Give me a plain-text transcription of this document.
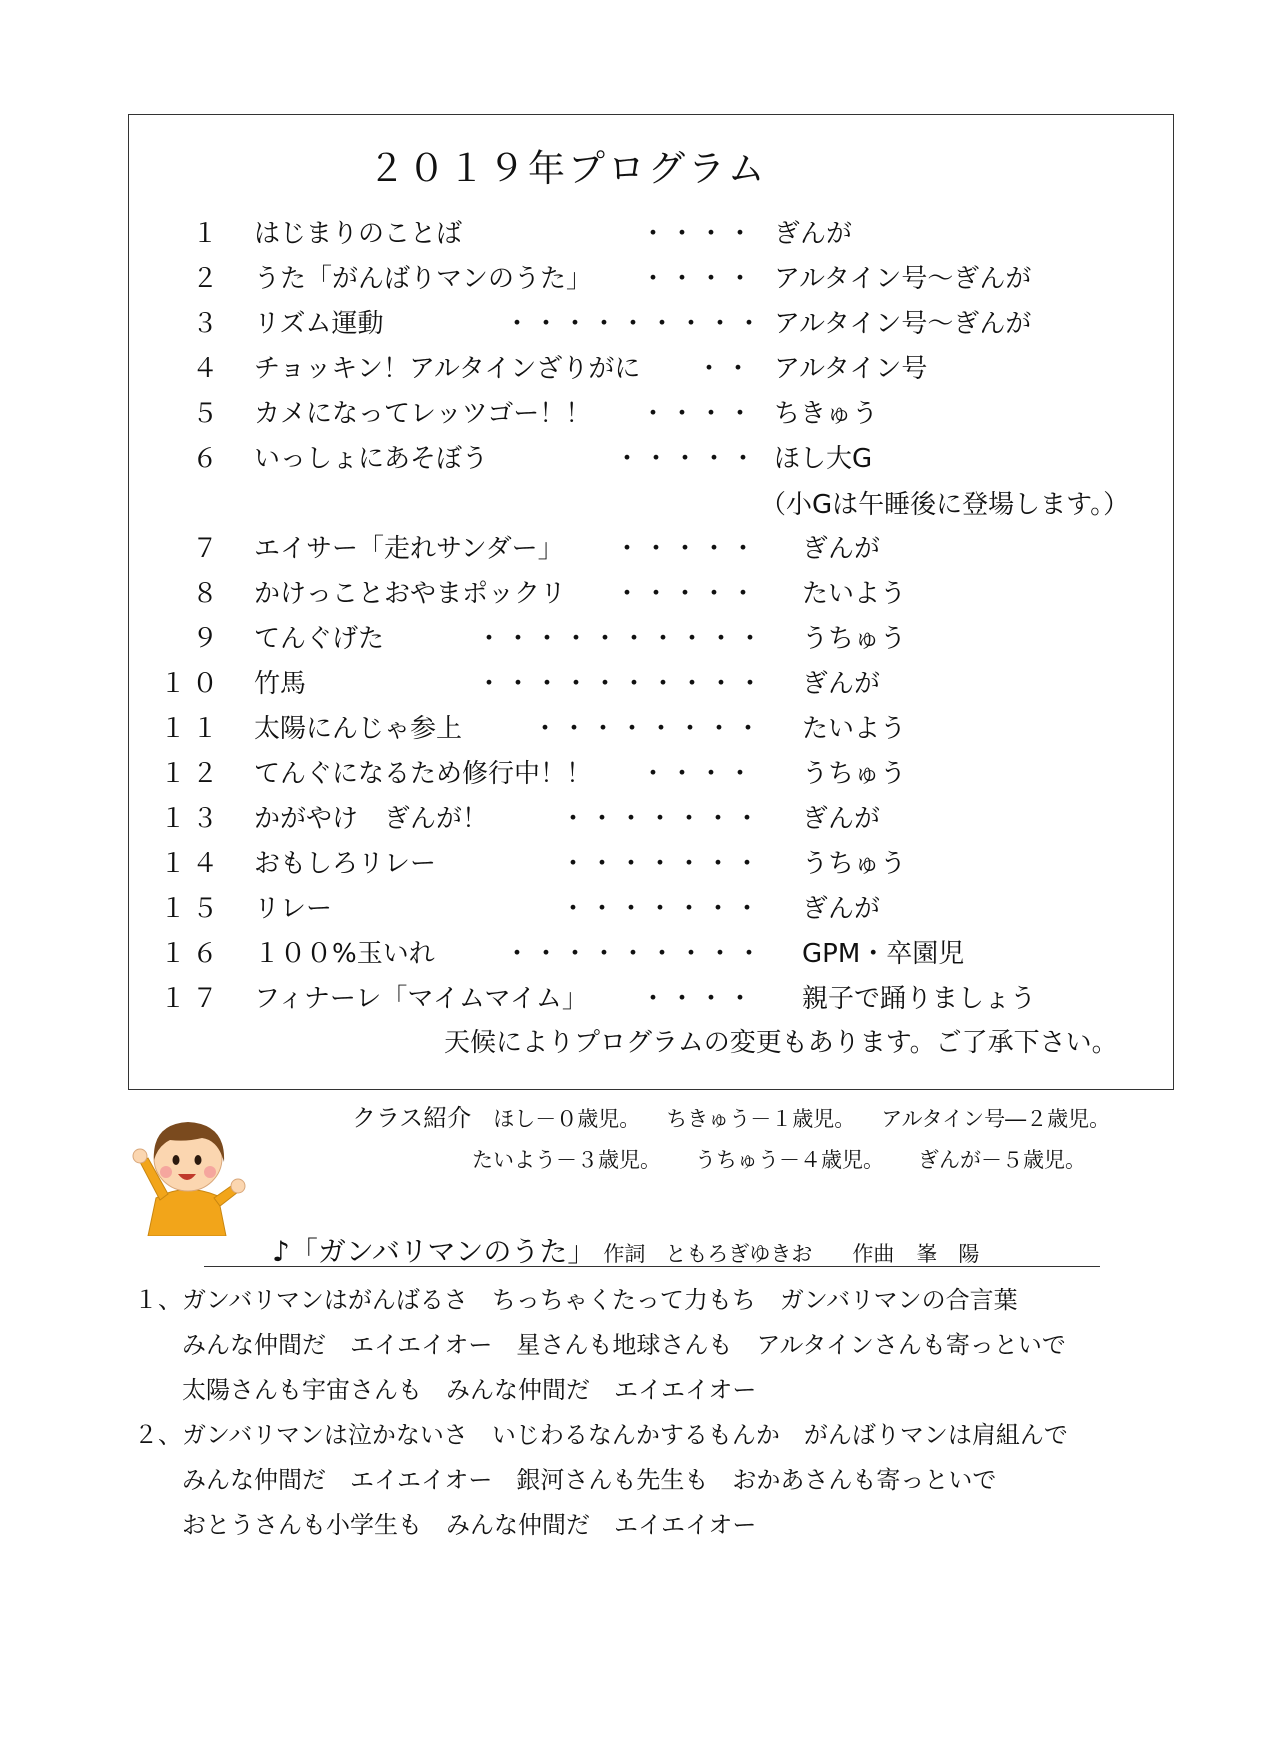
２０１９年プログラム
１ はじまりのことば	・・・・ ぎんが
２ うた「がんばりマンのうた」 ・・・・ アルタイン号～ぎんが
３ リズム運動	・・・・・・・・・ アルタイン号～ぎんが
４ チョッキン！アルタインざりがに ・・ アルタイン号
５ カメになってレッツゴー！！ ・・・・ ちきゅう
６ いっしょにあそぼう	・・・・・ ほし大G
（小Gは午睡後に登場します。）
７ エイサー「走れサンダー」 ・・・・・ ぎんが
８ かけっことおやまポックリ ・・・・・ たいよう
９ てんぐげた	・・・・・・・・・・ うちゅう
１０ 竹馬	・・・・・・・・・・ ぎんが
１１ 太陽にんじゃ参上	・・・・・・・・ たいよう
１２ てんぐになるため修行中！！ ・・・・ うちゅう
１３ かがやけ　ぎんが！	・・・・・・・ ぎんが
１４ おもしろリレー	・・・・・・・ うちゅう
１５ リレー	・・・・・・・ ぎんが
１６ １００%玉いれ	・・・・・・・・・ GPM・卒園児
１７ フィナーレ「マイムマイム」 ・・・・ 親子で踊りましょう
天候によりプログラムの変更もあります。ご了承下さい。
クラス紹介 ほし－０歳児。 ちきゅう－１歳児。 アルタイン号―２歳児。
たいよう－３歳児。 うちゅう－４歳児。 ぎんが－５歳児。
♪「ガンバリマンのうた」 作詞 ともろぎゆきお 作曲 峯　陽
１、ガンバリマンはがんばるさ　ちっちゃくたって力もち　ガンバリマンの合言葉
みんな仲間だ　エイエイオー　星さんも地球さんも　アルタインさんも寄っといで
太陽さんも宇宙さんも　みんな仲間だ　エイエイオー
２、ガンバリマンは泣かないさ　いじわるなんかするもんか　がんばりマンは肩組んで
みんな仲間だ　エイエイオー　銀河さんも先生も　おかあさんも寄っといで
おとうさんも小学生も　みんな仲間だ　エイエイオー
